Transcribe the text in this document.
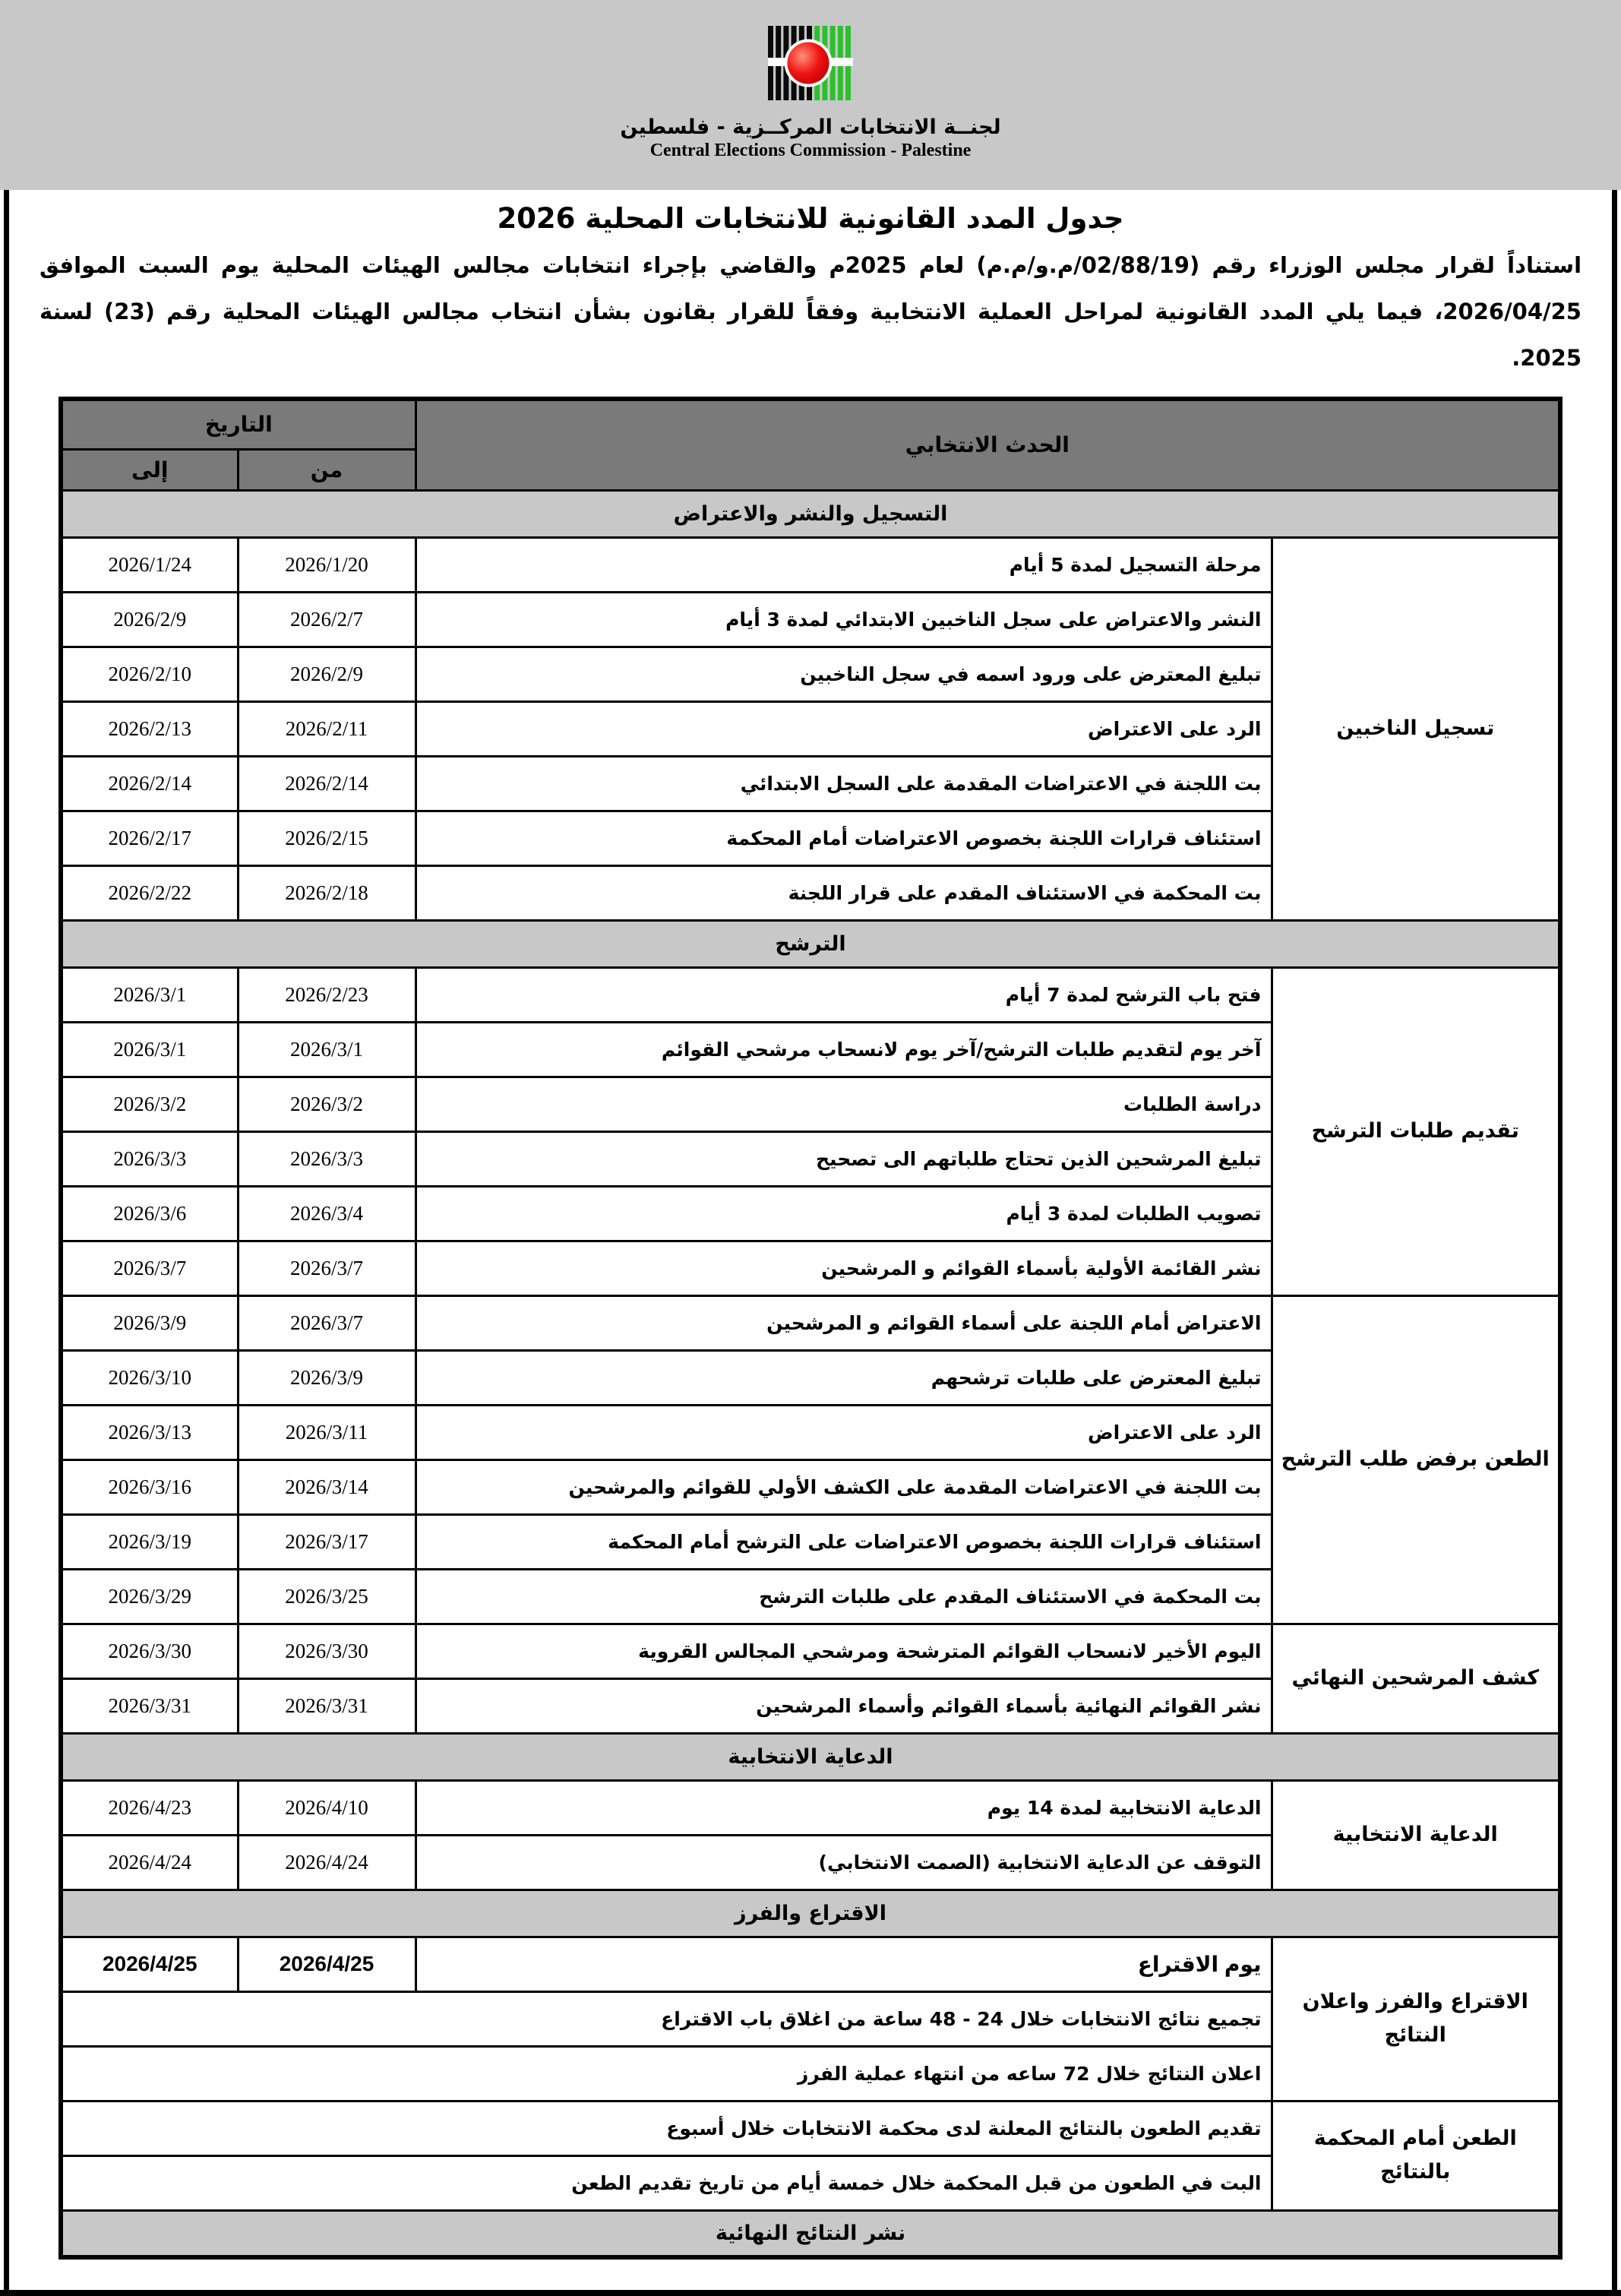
لجنــة الانتخابات المركــزية - فلسطين
Central Elections Commission - Palestine
جدول المدد القانونية للانتخابات المحلية 2026

استناداً لقرار مجلس الوزراء رقم (02/88/19/م.و/م.م) لعام 2025م والقاضي بإجراء انتخابات مجالس الهيئات المحلية يوم السبت الموافق 2026/04/25، فيما يلي المدد القانونية لمراحل العملية الانتخابية وفقاً للقرار بقانون بشأن انتخاب مجالس الهيئات المحلية رقم (23) لسنة 2025.

الحدث الانتخابي		التاريخ	
		من	إلى
التسجيل والنشر والاعتراض			
تسجيل الناخبين	مرحلة التسجيل لمدة 5 أيام	2026/1/20	2026/1/24
	النشر والاعتراض على سجل الناخبين الابتدائي لمدة 3 أيام	2026/2/7	2026/2/9
	تبليغ المعترض على ورود اسمه في سجل الناخبين	2026/2/9	2026/2/10
	الرد على الاعتراض	2026/2/11	2026/2/13
	بت اللجنة في الاعتراضات المقدمة على السجل الابتدائي	2026/2/14	2026/2/14
	استئناف قرارات اللجنة بخصوص الاعتراضات أمام المحكمة	2026/2/15	2026/2/17
	بت المحكمة في الاستئناف المقدم على قرار اللجنة	2026/2/18	2026/2/22
الترشح			
تقديم طلبات الترشح	فتح باب الترشح لمدة 7 أيام	2026/2/23	2026/3/1
	آخر يوم لتقديم طلبات الترشح/آخر يوم لانسحاب مرشحي القوائم	2026/3/1	2026/3/1
	دراسة الطلبات	2026/3/2	2026/3/2
	تبليغ المرشحين الذين تحتاج طلباتهم الى تصحيح	2026/3/3	2026/3/3
	تصويب الطلبات لمدة 3 أيام	2026/3/4	2026/3/6
	نشر القائمة الأولية بأسماء القوائم و المرشحين	2026/3/7	2026/3/7
الطعن برفض طلب الترشح	الاعتراض أمام اللجنة على أسماء القوائم و المرشحين	2026/3/7	2026/3/9
	تبليغ المعترض على طلبات ترشحهم	2026/3/9	2026/3/10
	الرد على الاعتراض	2026/3/11	2026/3/13
	بت اللجنة في الاعتراضات المقدمة على الكشف الأولي للقوائم والمرشحين	2026/3/14	2026/3/16
	استئناف قرارات اللجنة بخصوص الاعتراضات على الترشح أمام المحكمة	2026/3/17	2026/3/19
	بت المحكمة في الاستئناف المقدم على طلبات الترشح	2026/3/25	2026/3/29
كشف المرشحين النهائي	اليوم الأخير لانسحاب القوائم المترشحة ومرشحي المجالس القروية	2026/3/30	2026/3/30
	نشر القوائم النهائية بأسماء القوائم وأسماء المرشحين	2026/3/31	2026/3/31
الدعاية الانتخابية			
الدعاية الانتخابية	الدعاية الانتخابية لمدة 14 يوم	2026/4/10	2026/4/23
	التوقف عن الدعاية الانتخابية (الصمت الانتخابي)	2026/4/24	2026/4/24
الاقتراع والفرز			
الاقتراع والفرز واعلان النتائج	يوم الاقتراع	2026/4/25	2026/4/25
	تجميع نتائج الانتخابات خلال 24 - 48 ساعة من اغلاق باب الاقتراع		
	اعلان النتائج خلال 72 ساعه من انتهاء عملية الفرز		
الطعن أمام المحكمة بالنتائج	تقديم الطعون بالنتائج المعلنة لدى محكمة الانتخابات خلال أسبوع		
	البت في الطعون من قبل المحكمة خلال خمسة أيام من تاريخ تقديم الطعن		
نشر النتائج النهائية			
